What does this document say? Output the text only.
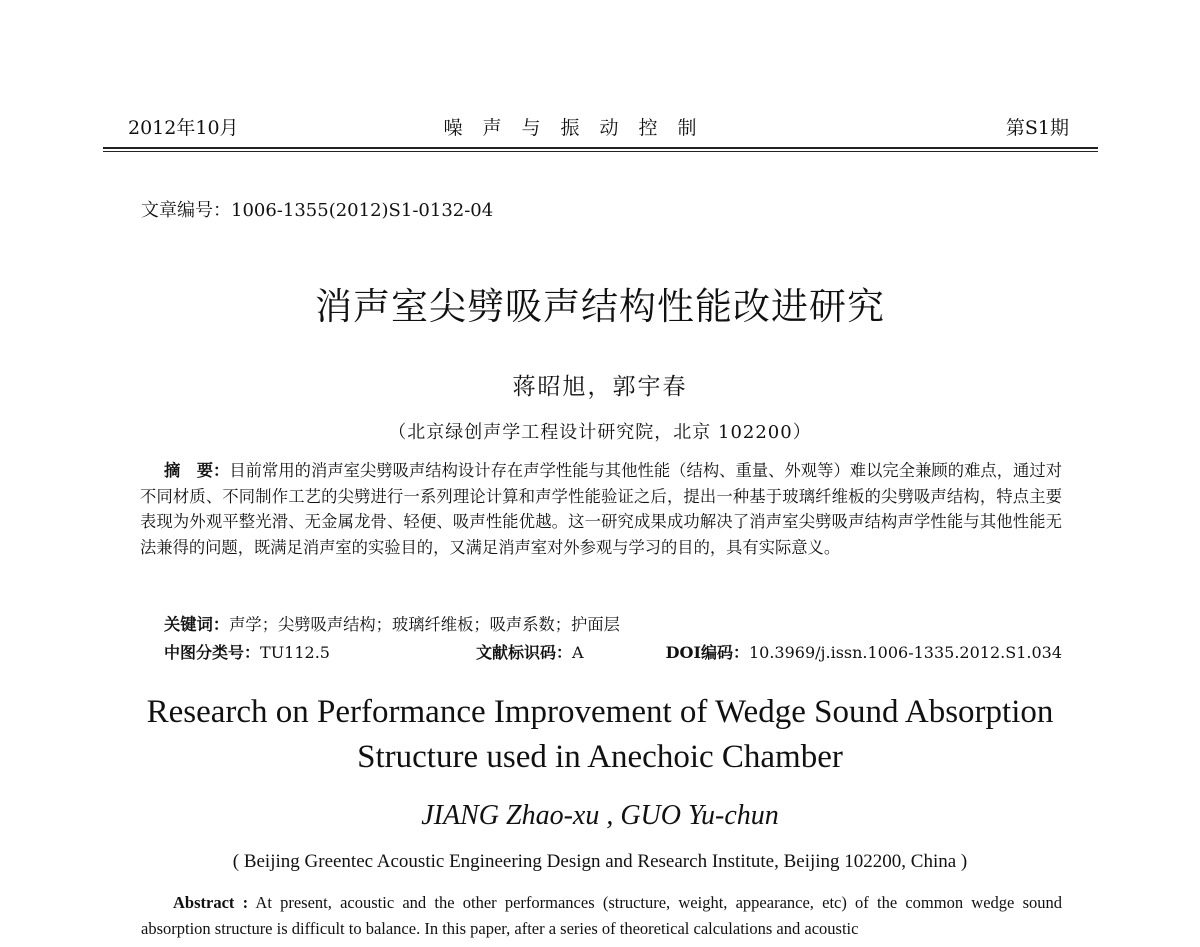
2012年10月	噪声与振动控制	第S1期
文章编号：1006-1355(2012)S1-0132-04
消声室尖劈吸声结构性能改进研究
蒋昭旭，郭宇春
（北京绿创声学工程设计研究院，北京 102200）
摘　要：目前常用的消声室尖劈吸声结构设计存在声学性能与其他性能（结构、重量、外观等）难以完全兼顾的难点，通过对不同材质、不同制作工艺的尖劈进行一系列理论计算和声学性能验证之后，提出一种基于玻璃纤维板的尖劈吸声结构，特点主要表现为外观平整光滑、无金属龙骨、轻便、吸声性能优越。这一研究成果成功解决了消声室尖劈吸声结构声学性能与其他性能无法兼得的问题，既满足消声室的实验目的，又满足消声室对外参观与学习的目的，具有实际意义。
关键词：声学；尖劈吸声结构；玻璃纤维板；吸声系数；护面层
中图分类号：TU112.5	文献标识码：A	DOI编码：10.3969/j.issn.1006-1335.2012.S1.034
Research on Performance Improvement of Wedge Sound Absorption
Structure used in Anechoic Chamber
JIANG Zhao-xu , GUO Yu-chun
( Beijing Greentec Acoustic Engineering Design and Research Institute, Beijing 102200, China )
Abstract : At present, acoustic and the other performances (structure, weight, appearance, etc) of the common wedge sound absorption structure is difficult to balance. In this paper, after a series of theoretical calculations and acoustic
